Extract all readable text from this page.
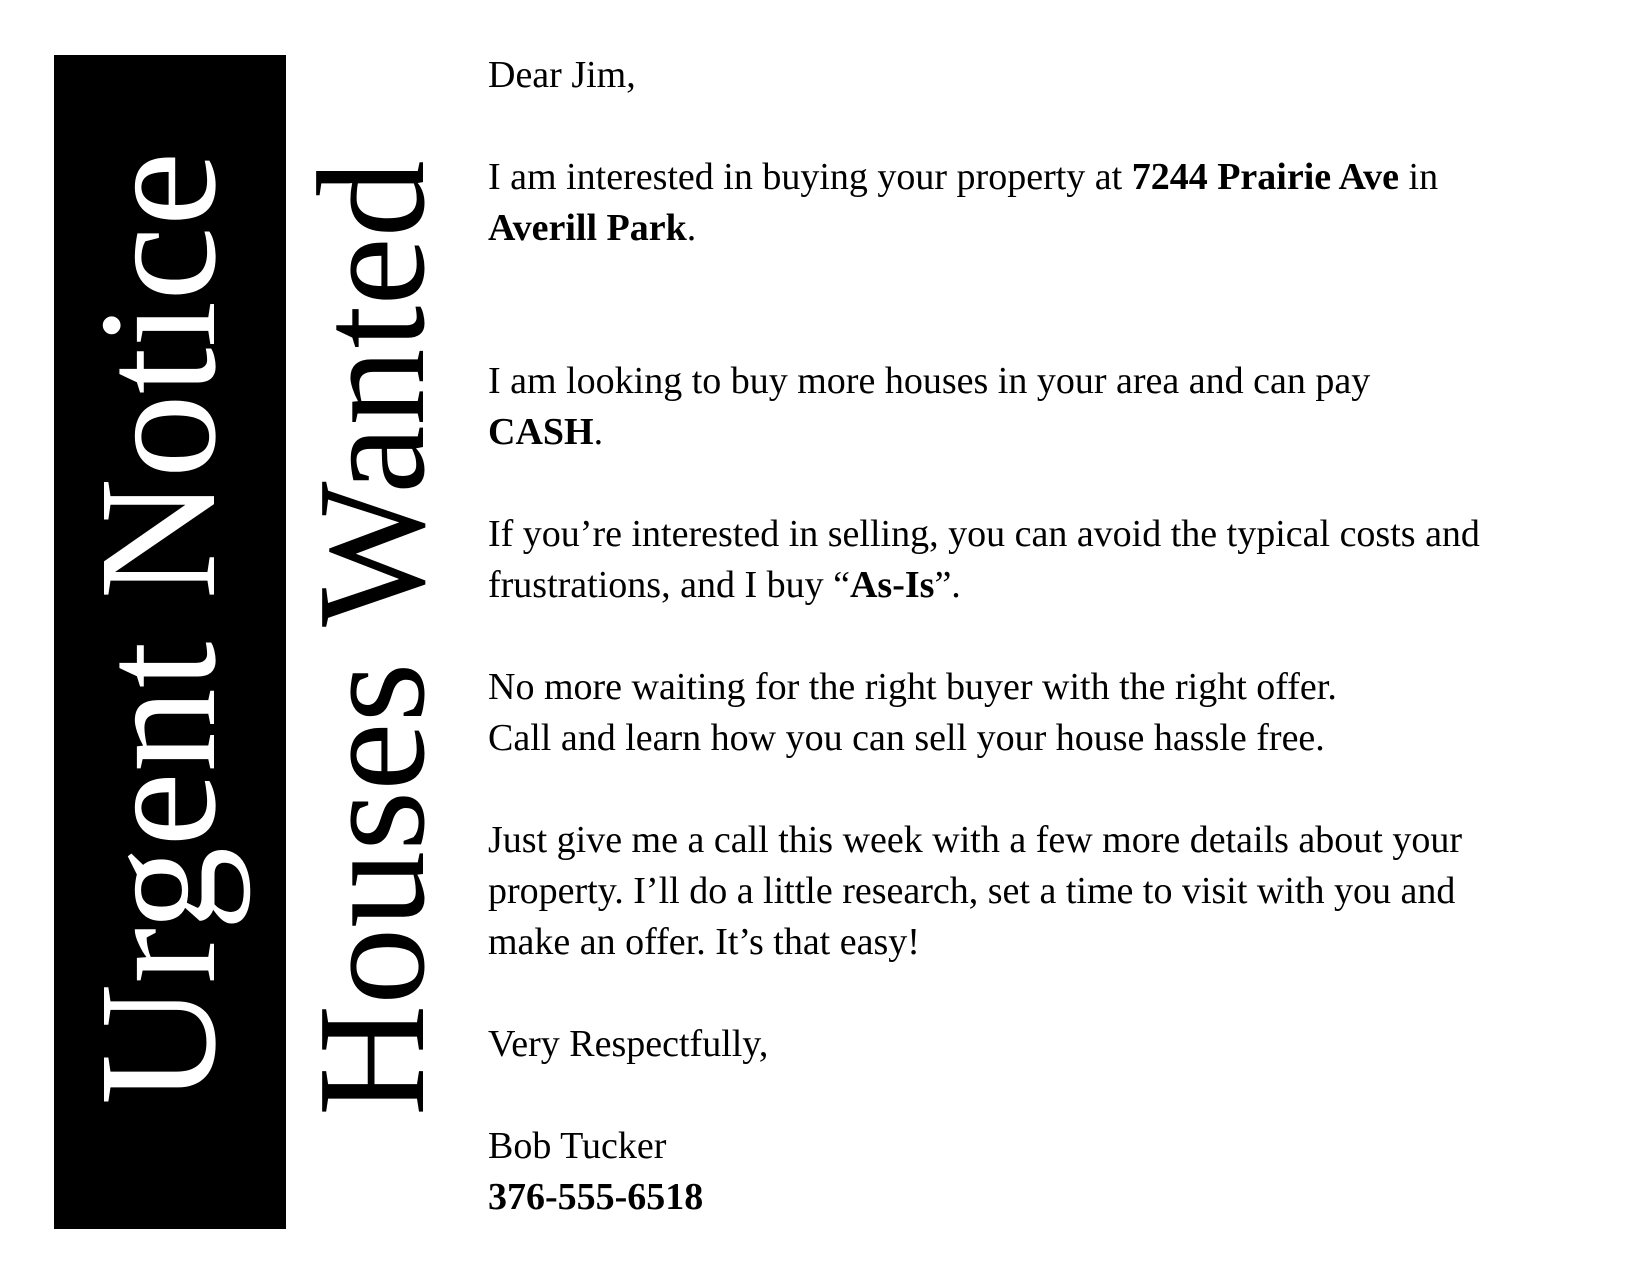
Urgent Notice Houses Wanted

Dear Jim,

I am interested in buying your property at 7244 Prairie Ave in
Averill Park.

I am looking to buy more houses in your area and can pay
CASH.

If you’re interested in selling, you can avoid the typical costs and
frustrations, and I buy “As-Is”.

No more waiting for the right buyer with the right offer.
Call and learn how you can sell your house hassle free.

Just give me a call this week with a few more details about your
property. I’ll do a little research, set a time to visit with you and
make an offer. It’s that easy!

Very Respectfully,

Bob Tucker
376-555-6518
